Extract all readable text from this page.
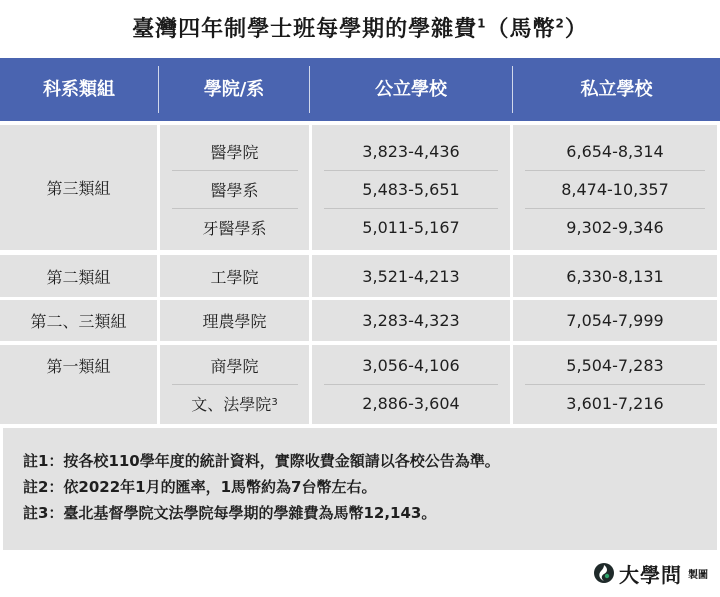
臺灣四年制學士班每學期的學雜費$^1$（馬幣$^2$）
科系類組	學院/系	公立學校	私立學校
第三類組
醫學院	3,823-4,436	6,654-8,314
醫學系	5,483-5,651	8,474-10,357
牙醫學系	5,011-5,167	9,302-9,346
第二類組	工學院	3,521-4,213	6,330-8,131
第二、三類組	理農學院	3,283-4,323	7,054-7,999
第一類組	商學院	3,056-4,106	5,504-7,283
文、法學院 3	2,886-3,604	3,601-7,216
註1：按各校110學年度的統計資料，實際收費金額請以各校公告為準。
註2：依2022年1月的匯率，1馬幣約為7台幣左右。
註3：臺北基督學院文法學院每學期的學雜費為馬幣12,143。
大學問 製圖
